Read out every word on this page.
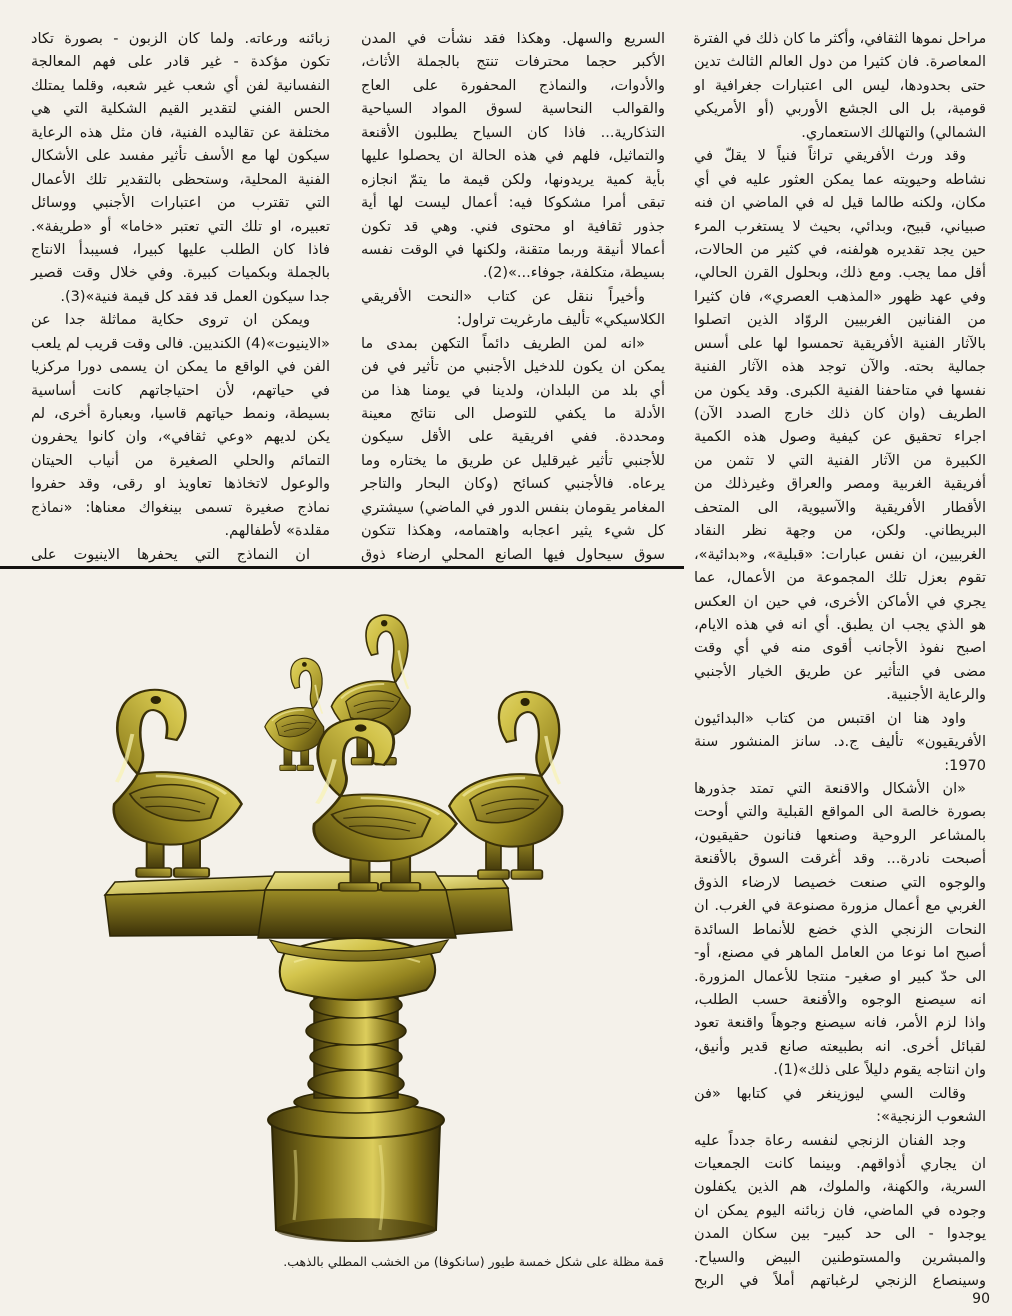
مراحل نموها الثقافي، وأكثر ما كان ذلك في الفترة
المعاصرة. فان كثيرا من دول العالم الثالث تدين
حتى بحدودها، ليس الى اعتبارات جغرافية او
قومية، بل الى الجشع الأوربي (أو الأمريكي
الشمالي) والتهالك الاستعماري.
وقد ورث الأفريقي تراثاً فنياً لا يقلّ في
نشاطه وحيويته عما يمكن العثور عليه في أي
مكان، ولكنه طالما قيل له في الماضي ان فنه
صبياني، قبيح، وبدائي، بحيث لا يستغرب المرء
حين يجد تقديره هولفنه، في كثير من الحالات،
أقل مما يجب. ومع ذلك، وبحلول القرن الحالي،
وفي عهد ظهور «المذهب العصري»، فان كثيرا
من الفنانين الغربيين الروّاد الذين اتصلوا
بالآثار الفنية الأفريقية تحمسوا لها على أسس
جمالية بحته. والآن توجد هذه الآثار الفنية
نفسها في متاحفنا الفنية الكبرى. وقد يكون من
الطريف (وان كان ذلك خارج الصدد الآن)
اجراء تحقيق عن كيفية وصول هذه الكمية
الكبيرة من الآثار الفنية التي لا تثمن من
أفريقية الغربية ومصر والعراق وغيرذلك من
الأقطار الأفريقية والآسيوية، الى المتحف
البريطاني. ولكن، من وجهة نظر النقاد
الغربيين، ان نفس عبارات: «قبلية»، و«بدائية»،
تقوم بعزل تلك المجموعة من الأعمال، عما
يجري في الأماكن الأخرى، في حين ان العكس
هو الذي يجب ان يطبق. أي انه في هذه الايام،
اصبح نفوذ الأجانب أقوى منه في أي وقت
مضى في التأثير عن طريق الخيار الأجنبي
والرعاية الأجنبية.
واود هنا ان اقتبس من كتاب «البدائيون
الأفريقيون» تأليف ج.د. سانز المنشور سنة
1970:
«ان الأشكال والاقنعة التي تمتد جذورها
بصورة خالصة الى المواقع القبلية والتي أوحت
بالمشاعر الروحية وصنعها فنانون حقيقيون،
أصبحت نادرة... وقد أغرقت السوق بالأقنعة
والوجوه التي صنعت خصيصا لارضاء الذوق
الغربي مع أعمال مزورة مصنوعة في الغرب. ان
النحات الزنجي الذي خضع للأنماط السائدة
أصبح اما نوعا من العامل الماهر في مصنع، أو-
الى حدّ كبير او صغير- منتجا للأعمال المزورة.
انه سيصنع الوجوه والأقنعة حسب الطلب،
واذا لزم الأمر، فانه سيصنع وجوهاً واقنعة تعود
لقبائل أخرى. انه بطبيعته صانع قدير وأنيق،
وان انتاجه يقوم دليلاً على ذلك»(1).
وقالت السي ليوزينغر في كتابها «فن
الشعوب الزنجية»:
وجد الفنان الزنجي لنفسه رعاة جدداً عليه
ان يجاري أذواقهم. وبينما كانت الجمعيات
السرية، والكهنة، والملوك، هم الذين يكفلون
وجوده في الماضي، فان زبائنه اليوم يمكن ان
يوجدوا - الى حد كبير- بين سكان المدن
والمبشرين والمستوطنين البيض والسياح.
وسينصاع الزنجي لرغباتهم أملاً في الربح
السريع والسهل. وهكذا فقد نشأت في المدن
الأكبر حجما محترفات تنتج بالجملة الأثاث،
والأدوات، والنماذج المحفورة على العاج
والقوالب النحاسية لسوق المواد السياحية
التذكارية... فاذا كان السياح يطلبون الأقنعة
والتماثيل، فلهم في هذه الحالة ان يحصلوا عليها
بأية كمية يريدونها، ولكن قيمة ما يتمّ انجازه
تبقى أمرا مشكوكا فيه: أعمال ليست لها أية
جذور ثقافية او محتوى فني. وهي قد تكون
أعمالا أنيقة وربما متقنة، ولكنها في الوقت نفسه
بسيطة، متكلفة، جوفاء...»(2).
وأخيراً ننقل عن كتاب «النحت الأفريقي
الكلاسيكي» تأليف مارغريت تراول:
«انه لمن الطريف دائماً التكهن بمدى ما
يمكن ان يكون للدخيل الأجنبي من تأثير في فن
أي بلد من البلدان، ولدينا في يومنا هذا من
الأدلة ما يكفي للتوصل الى نتائج معينة
ومحددة. ففي افريقية على الأقل سيكون
للأجنبي تأثير غيرقليل عن طريق ما يختاره وما
يرعاه. فالأجنبي كسائح (وكان البحار والتاجر
المغامر يقومان بنفس الدور في الماضي) سيشتري
كل شيء يثير اعجابه واهتمامه، وهكذا تتكون
سوق سيحاول فيها الصانع المحلي ارضاء ذوق
زبائنه ورعاته. ولما كان الزبون - بصورة تكاد
تكون مؤكدة - غير قادر على فهم المعالجة
النفسانية لفن أي شعب غير شعبه، وقلما يمتلك
الحس الفني لتقدير القيم الشكلية التي هي
مختلفة عن تقاليده الفنية، فان مثل هذه الرعاية
سيكون لها مع الأسف تأثير مفسد على الأشكال
الفنية المحلية، وستحظى بالتقدير تلك الأعمال
التي تقترب من اعتبارات الأجنبي ووسائل
تعبيره، او تلك التي تعتبر «خاما» أو «طريفة».
فاذا كان الطلب عليها كبيرا، فسيبدأ الانتاج
بالجملة وبكميات كبيرة. وفي خلال وقت قصير
جدا سيكون العمل قد فقد كل قيمة فنية»(3).
ويمكن ان تروى حكاية مماثلة جدا عن
«الاينيوت»(4) الكنديين. فالى وقت قريب لم يلعب
الفن في الواقع ما يمكن ان يسمى دورا مركزيا
في حياتهم، لأن احتياجاتهم كانت أساسية
بسيطة، ونمط حياتهم قاسيا، وبعبارة أخرى، لم
يكن لديهم «وعي ثقافي»، وان كانوا يحفرون
التمائم والحلي الصغيرة من أنياب الحيتان
والوعول لاتخاذها تعاويذ او رقى، وقد حفروا
نماذج صغيرة تسمى بينغواك معناها: «نماذج
مقلدة» لأطفالهم.
ان النماذج التي يحفرها الاينيوت على
قمة مظلة على شكل خمسة طيور (سانكوفا) من الخشب المطلي بالذهب.
90
